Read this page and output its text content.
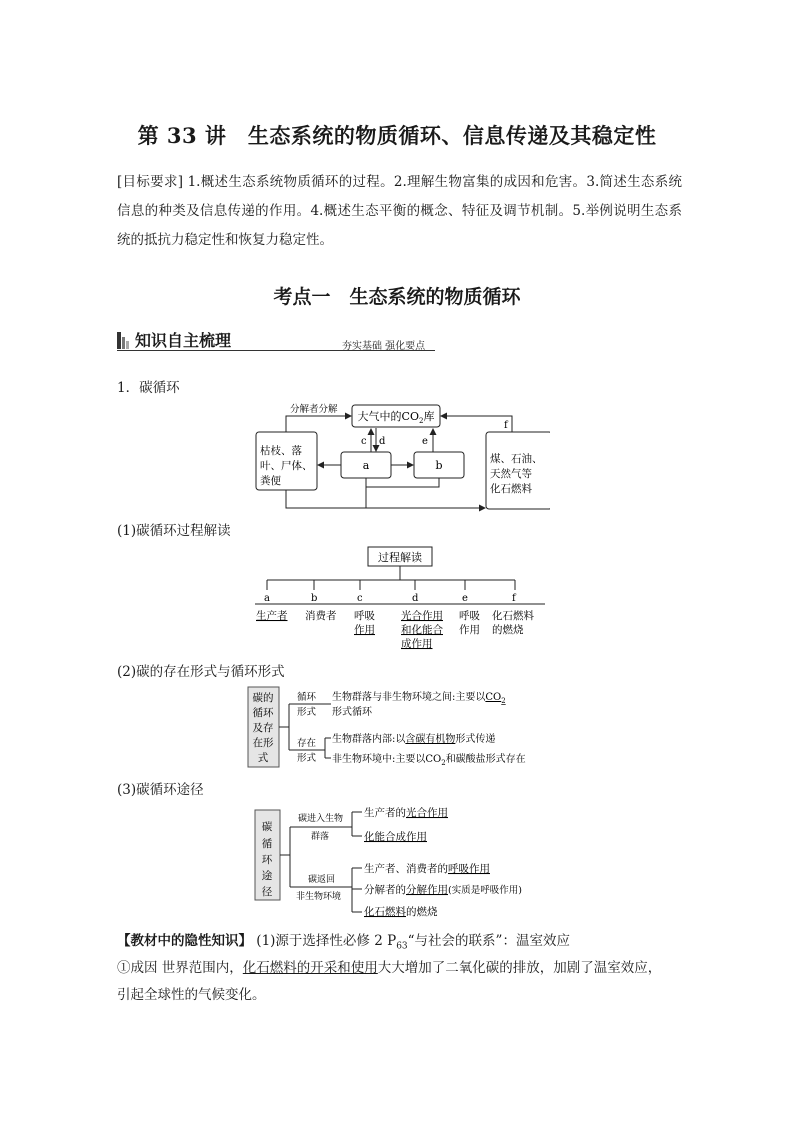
第 33 讲　生态系统的物质循环、信息传递及其稳定性
[目标要求] 1.概述生态系统物质循环的过程。2.理解生物富集的成因和危害。3.简述生态系统信息的种类及信息传递的作用。4.概述生态平衡的概念、特征及调节机制。5.举例说明生态系统的抵抗力稳定性和恢复力稳定性。
考点一　生态系统的物质循环
知识自主梳理	夯实基础 强化要点
1．碳循环
大气中的$CO_2$库
枯枝、落
叶、尸体、
粪便
a	b	煤、石油、
天然气等
化石燃料
分解者分解
c d	e
f
(1)碳循环过程解读
过程解读
a	b	c	d	e	f
生产者 消费者 呼吸
作用
光合作用
和化能合
成作用
呼吸
作用
化石燃料
的燃烧
(2)碳的存在形式与循环形式
碳的
循环
及存
在形
式
循环
形式
生物群落与非生物环境之间:主要以$CO_2$
形式循环
存在
形式
生物群落内部:以含碳有机物形式传递
非生物环境中:主要以$CO_2$和碳酸盐形式存在
(3)碳循环途径
碳
循
环
途
径
碳进入生物
群落
生产者的光合作用
化能合成作用
碳返回
非生物环境
生产者、消费者的呼吸作用
分解者的分解作用(实质是呼吸作用)
化石燃料的燃烧
【教材中的隐性知识】 (1)源于选择性必修 2 $P_{63}“$与社会的联系”：温室效应
①成因 世界范围内，化石燃料的开采和使用大大增加了二氧化碳的排放，加剧了温室效应，
引起全球性的气候变化。
